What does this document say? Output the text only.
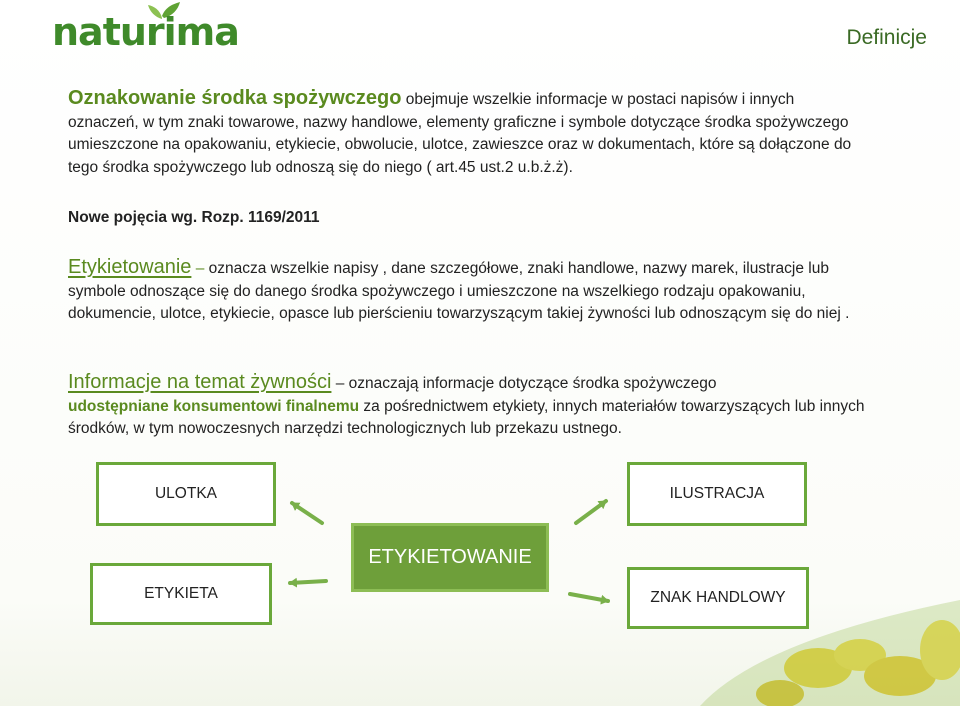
naturima	Definicje
Oznakowanie środka spożywczego obejmuje wszelkie informacje w postaci napisów i innych oznaczeń, w tym znaki towarowe, nazwy handlowe, elementy graficzne i symbole dotyczące środka spożywczego umieszczone na opakowaniu, etykiecie, obwolucie, ulotce, zawieszce oraz w dokumentach, które są dołączone do tego środka spożywczego lub odnoszą się do niego ( art.45 ust.2 u.b.ż.ż).
Nowe pojęcia wg. Rozp. 1169/2011
Etykietowanie – oznacza wszelkie napisy , dane szczegółowe, znaki handlowe, nazwy marek, ilustracje lub symbole odnoszące się do danego środka spożywczego i umieszczone na wszelkiego rodzaju opakowaniu, dokumencie, ulotce, etykiecie, opasce lub pierścieniu towarzyszącym takiej żywności lub odnoszącym się do niej .
Informacje na temat żywności – oznaczają informacje dotyczące środka spożywczego
udostępniane konsumentowi finalnemu za pośrednictwem etykiety, innych materiałów towarzyszących lub innych środków, w tym nowoczesnych narzędzi technologicznych lub przekazu ustnego.
ULOTKA	ILUSTRACJA
ETYKIETOWANIE
ETYKIETA	ZNAK HANDLOWY
